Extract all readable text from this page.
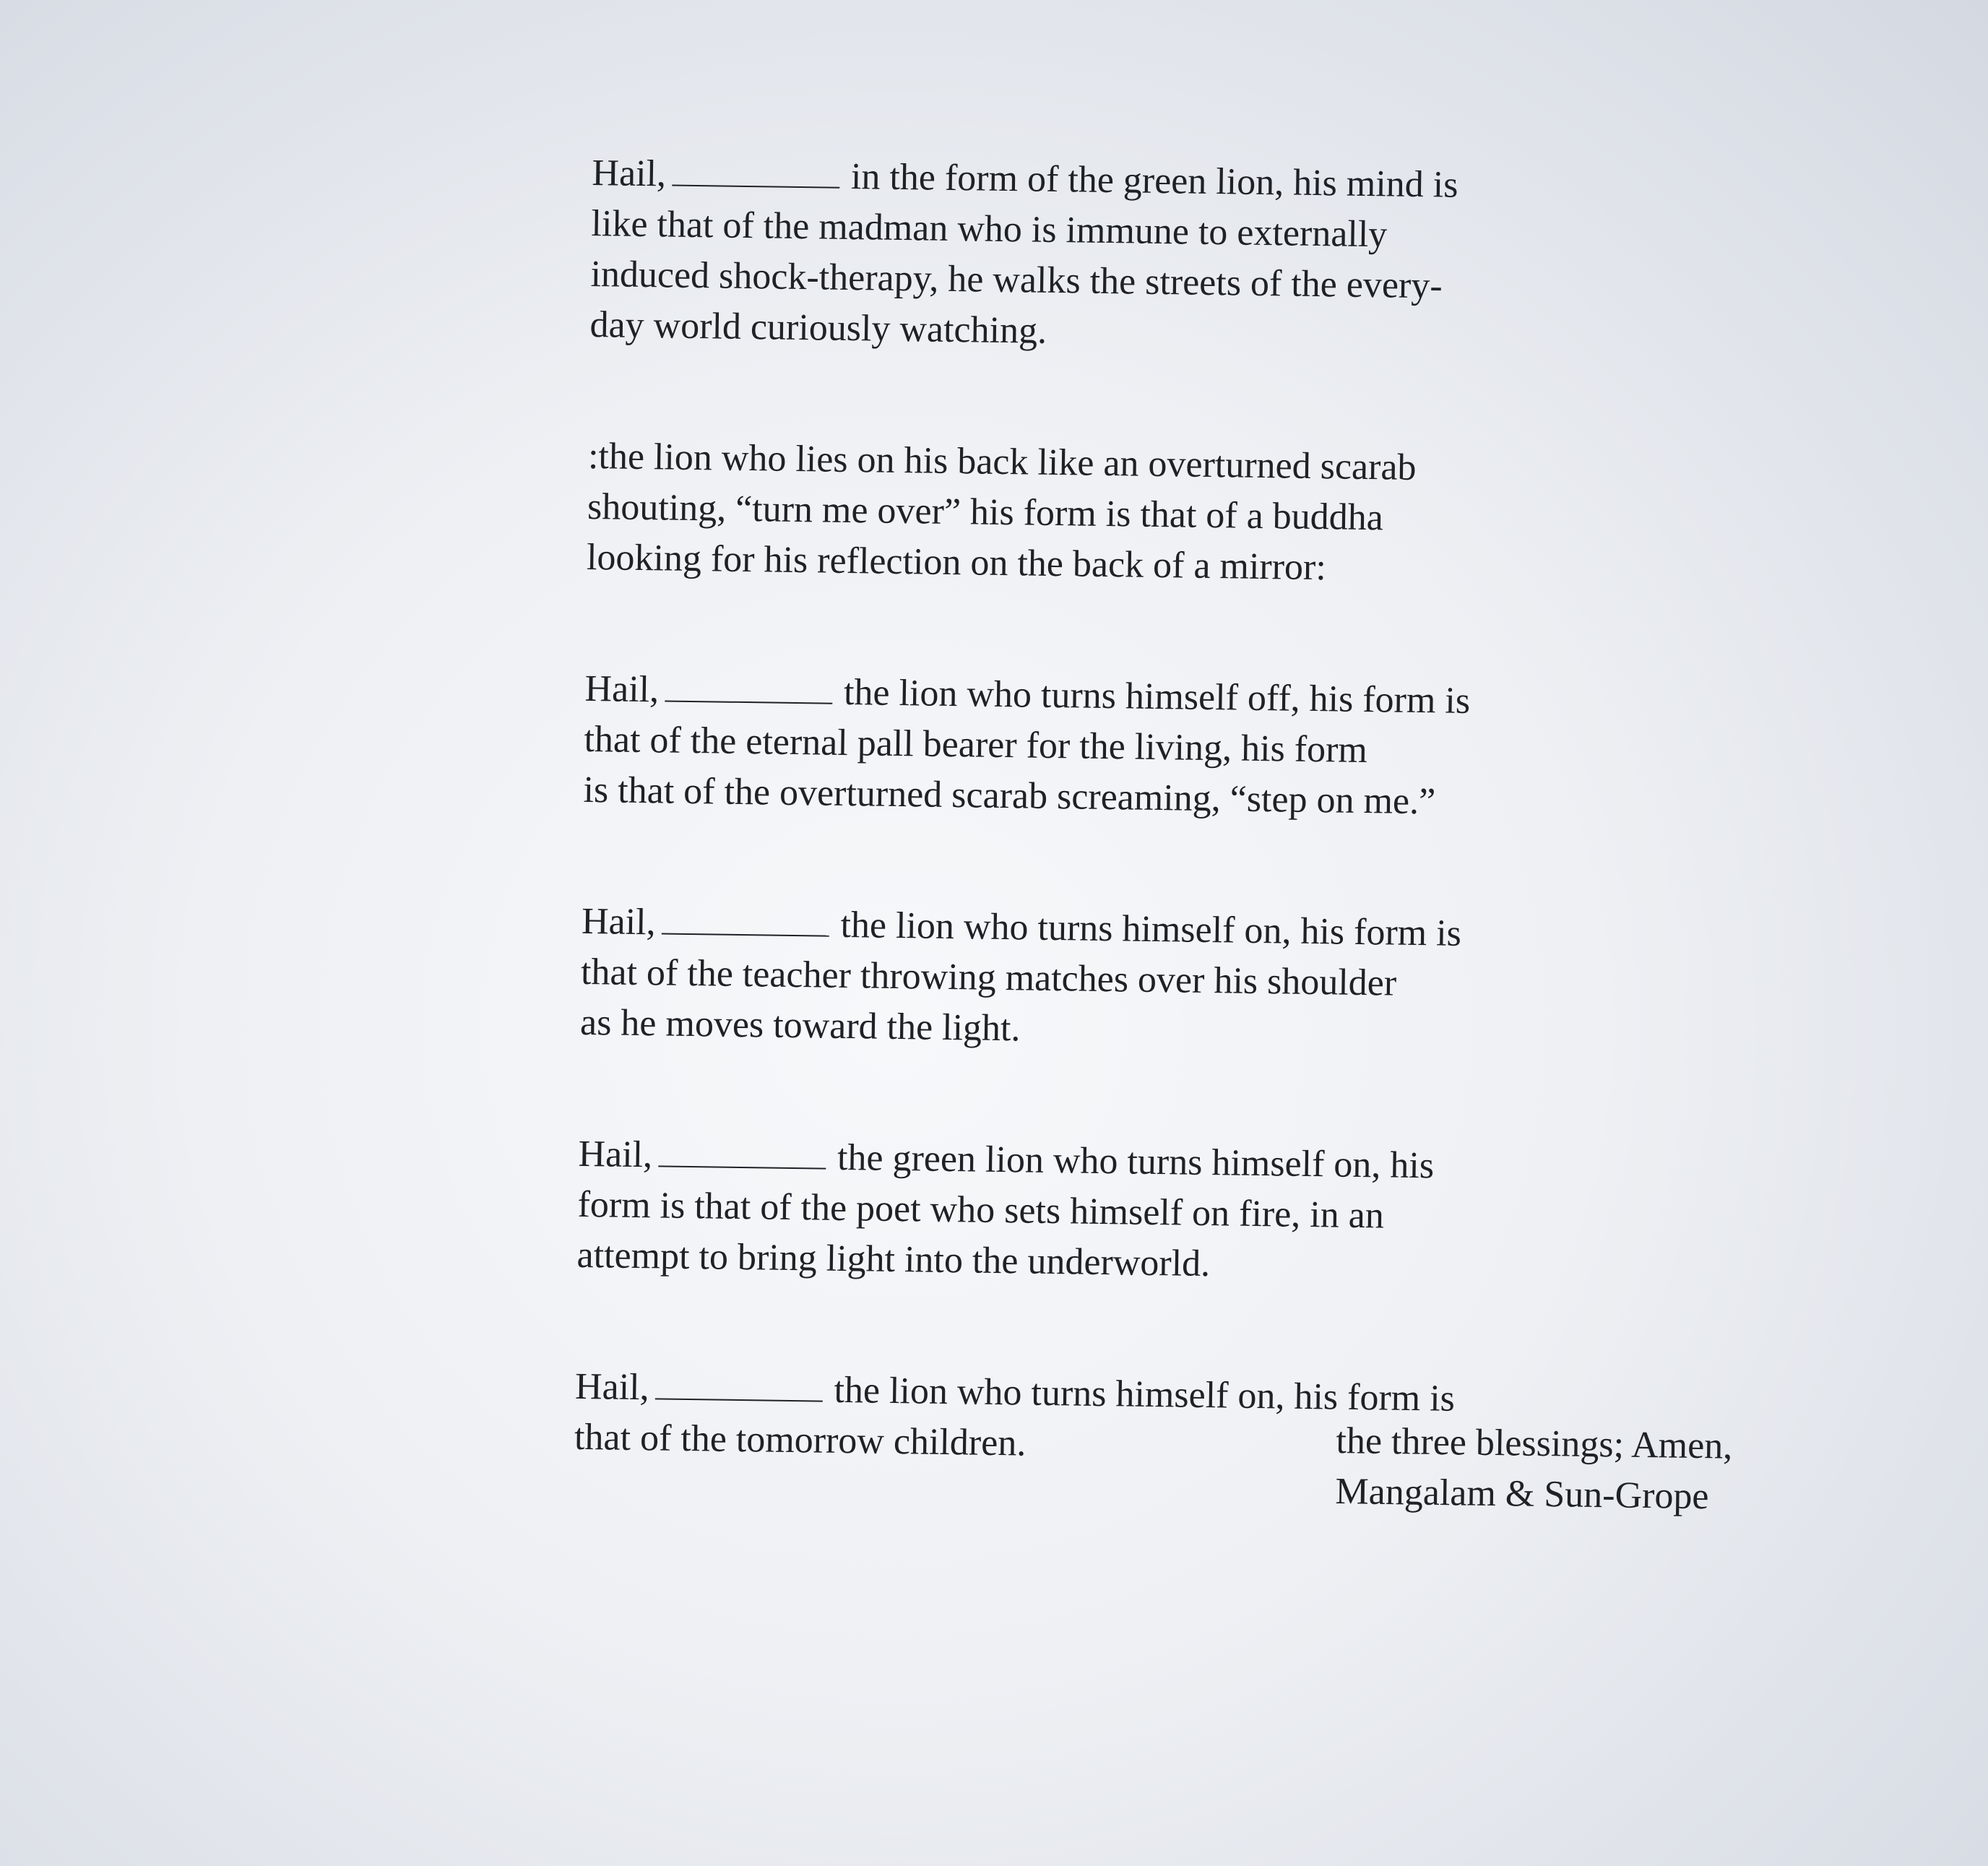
Hail,	in the form of the green lion, his mind is
like that of the madman who is immune to externally
induced shock-therapy, he walks the streets of the every-
day world curiously watching.
:the lion who lies on his back like an overturned scarab
shouting, “turn me over” his form is that of a buddha
looking for his reflection on the back of a mirror:
Hail,	the lion who turns himself off, his form is
that of the eternal pall bearer for the living, his form
is that of the overturned scarab screaming, “step on me.”
Hail,	the lion who turns himself on, his form is
that of the teacher throwing matches over his shoulder
as he moves toward the light.
Hail,	the green lion who turns himself on, his
form is that of the poet who sets himself on fire, in an
attempt to bring light into the underworld.
Hail,	the lion who turns himself on, his form is
that of the tomorrow children.	the three blessings; Amen,
Mangalam & Sun-Grope
